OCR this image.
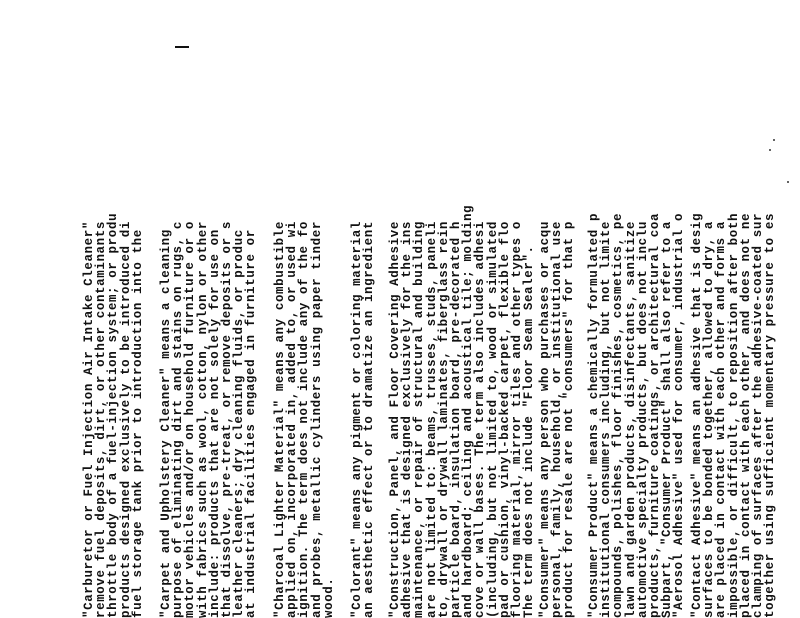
"Carburetor or Fuel Injection Air Intake Cleaner"

remove fuel deposits, dirt, or other contaminants

throttle body of a fuel-injection system; or produ

products designed exclusively to be introduced di

fuel storage tank prior to introduction into the "Carpet and Upholstery Cleaner" means a cleaning

purpose of eliminating dirt and stains on rugs, c

motor vehicles and/or on household furniture or o

with fabrics such as wool, cotton, nylon or other

include: products that are not solely for use on

that dissolve, pre-treat, or remove deposits or s

leather cleaners; dry cleaning fluids, or produc

at industrial facilities engaged in furniture or "Charcoal Lighter Material" means any combustible

applied on, incorporated in, added to, or used wi

ignition. The term does not include any of the fo

and probes, metallic cylinders using paper tinder

wood. "Colorant" means any pigment or coloring material

an aesthetic effect or to dramatize an ingredient "Construction, Panel, and Floor Covering Adhesive

adhesive that is designed exclusively for the ins

maintenance, or repair of structural and building

are not limited to: beams, trusses, studs, paneli

to, drywall or drywall laminates, fiberglass rein

particle board, insulation board, pre-decorated h

and hardboard; ceiling and acoustical tile; molding

cove or wall bases. The term also includes adhesi

(including, but not limited to, wood or simulated

pad or cushion, vinyl-backed carpet, flexible flo

flooring material, mirror tiles and other types o

The term does not include "Floor Seam Sealer". "Consumer" means any person who purchases or acqu

personal, family, household, or institutional use

product for resale are not "consumers" for that p "Consumer Product" means a chemically formulated p

institutional consumers including, but not limite

compounds, polishes, floor finishes, cosmetics, pe

lawn and garden products, disinfectants, sanitize

automotive specialty products, but does not inclu

products, furniture coatings, or architectural coa

Subpart, "Consumer Product" shall also refer to a

"Aerosol Adhesive" used for consumer, industrial o "Contact Adhesive" means an adhesive that is desig

surfaces to be bonded together, allowed to dry, a

are placed in contact with each other and forms a

impossible, or difficult, to reposition after both

placed in contact with each other, and does not ne

clamping of surfaces after the adhesive-coated sur

together using sufficient momentary pressure to es
